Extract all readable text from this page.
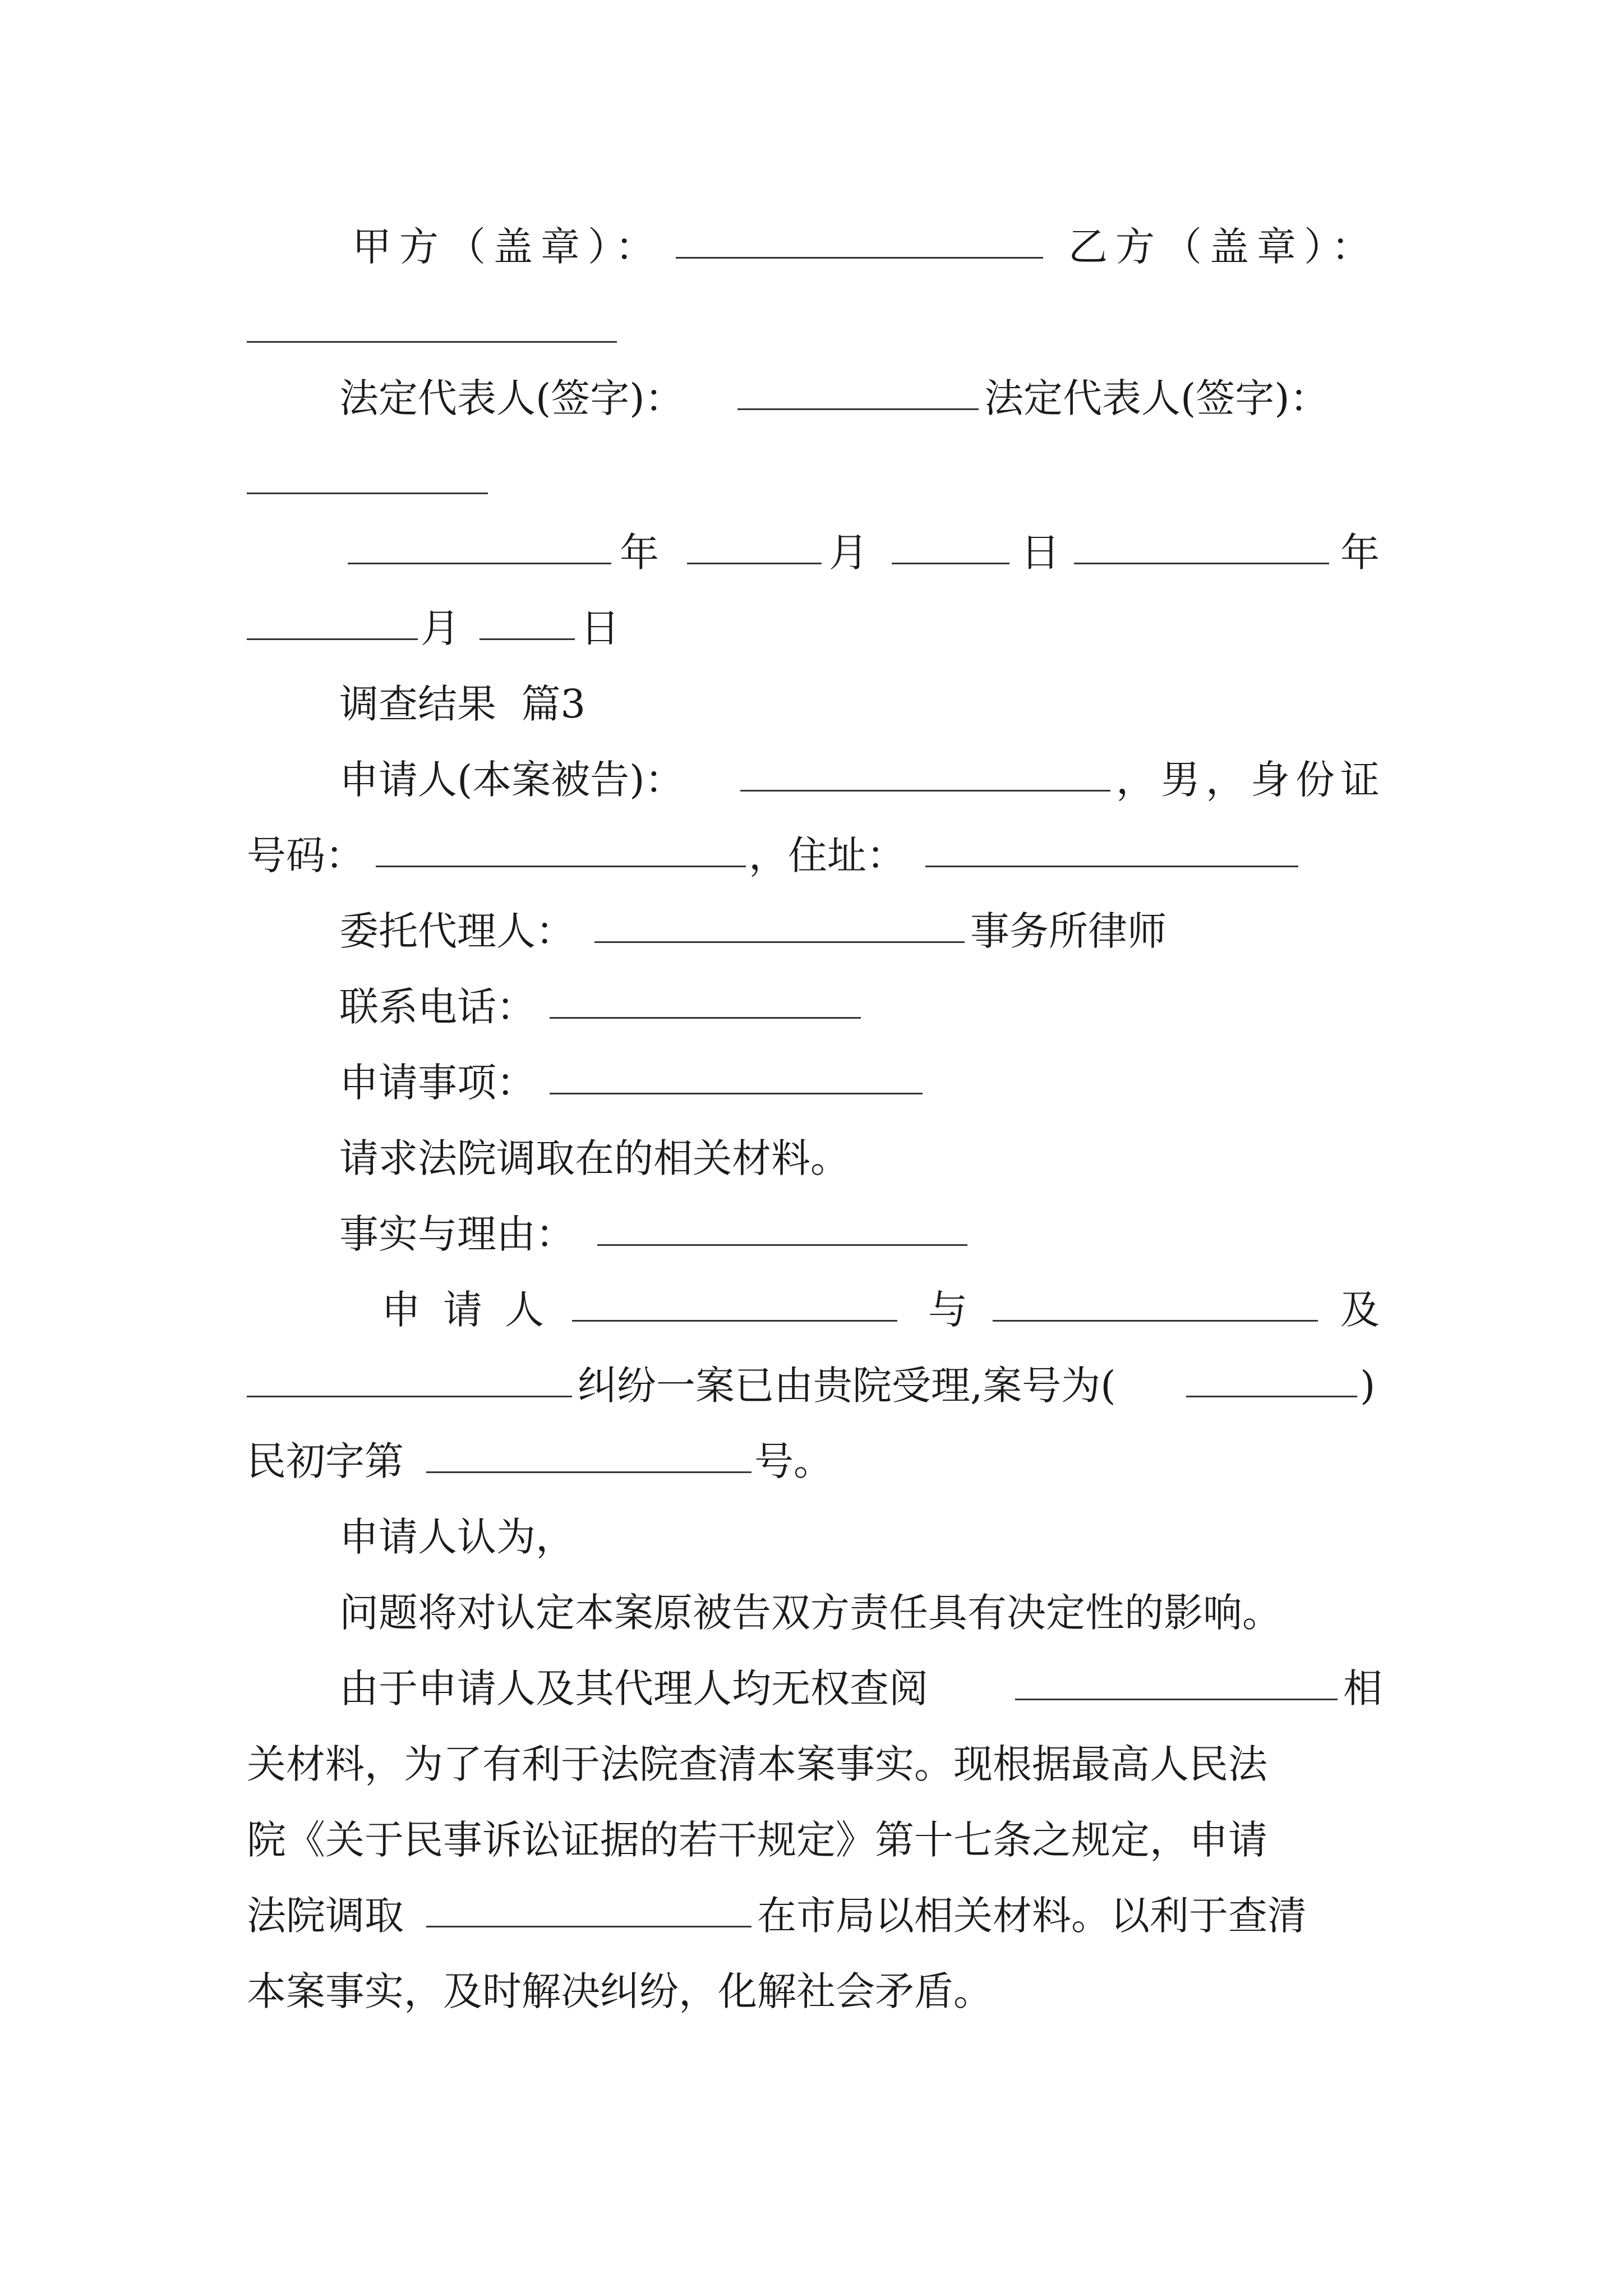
甲方（盖章）：	乙方（盖章）：
法定代表人(签字)：	法定代表人(签字)：
年	月	日	年
月	日
调查结果  篇3
申请人(本案被告)：	，男，身份证
号码：	，住址：
委托代理人：	事务所律师
联系电话：
申请事项：
请求法院调取在的相关材料。
事实与理由：
申请人	与	及
纠纷一案已由贵院受理,案号为(	)
民初字第	号。
申请人认为，
问题将对认定本案原被告双方责任具有决定性的影响。
由于申请人及其代理人均无权查阅	相
关材料，为了有利于法院查清本案事实。现根据最高人民法
院《关于民事诉讼证据的若干规定》第十七条之规定，申请
法院调取	在市局以相关材料。以利于查清
本案事实，及时解决纠纷，化解社会矛盾。
